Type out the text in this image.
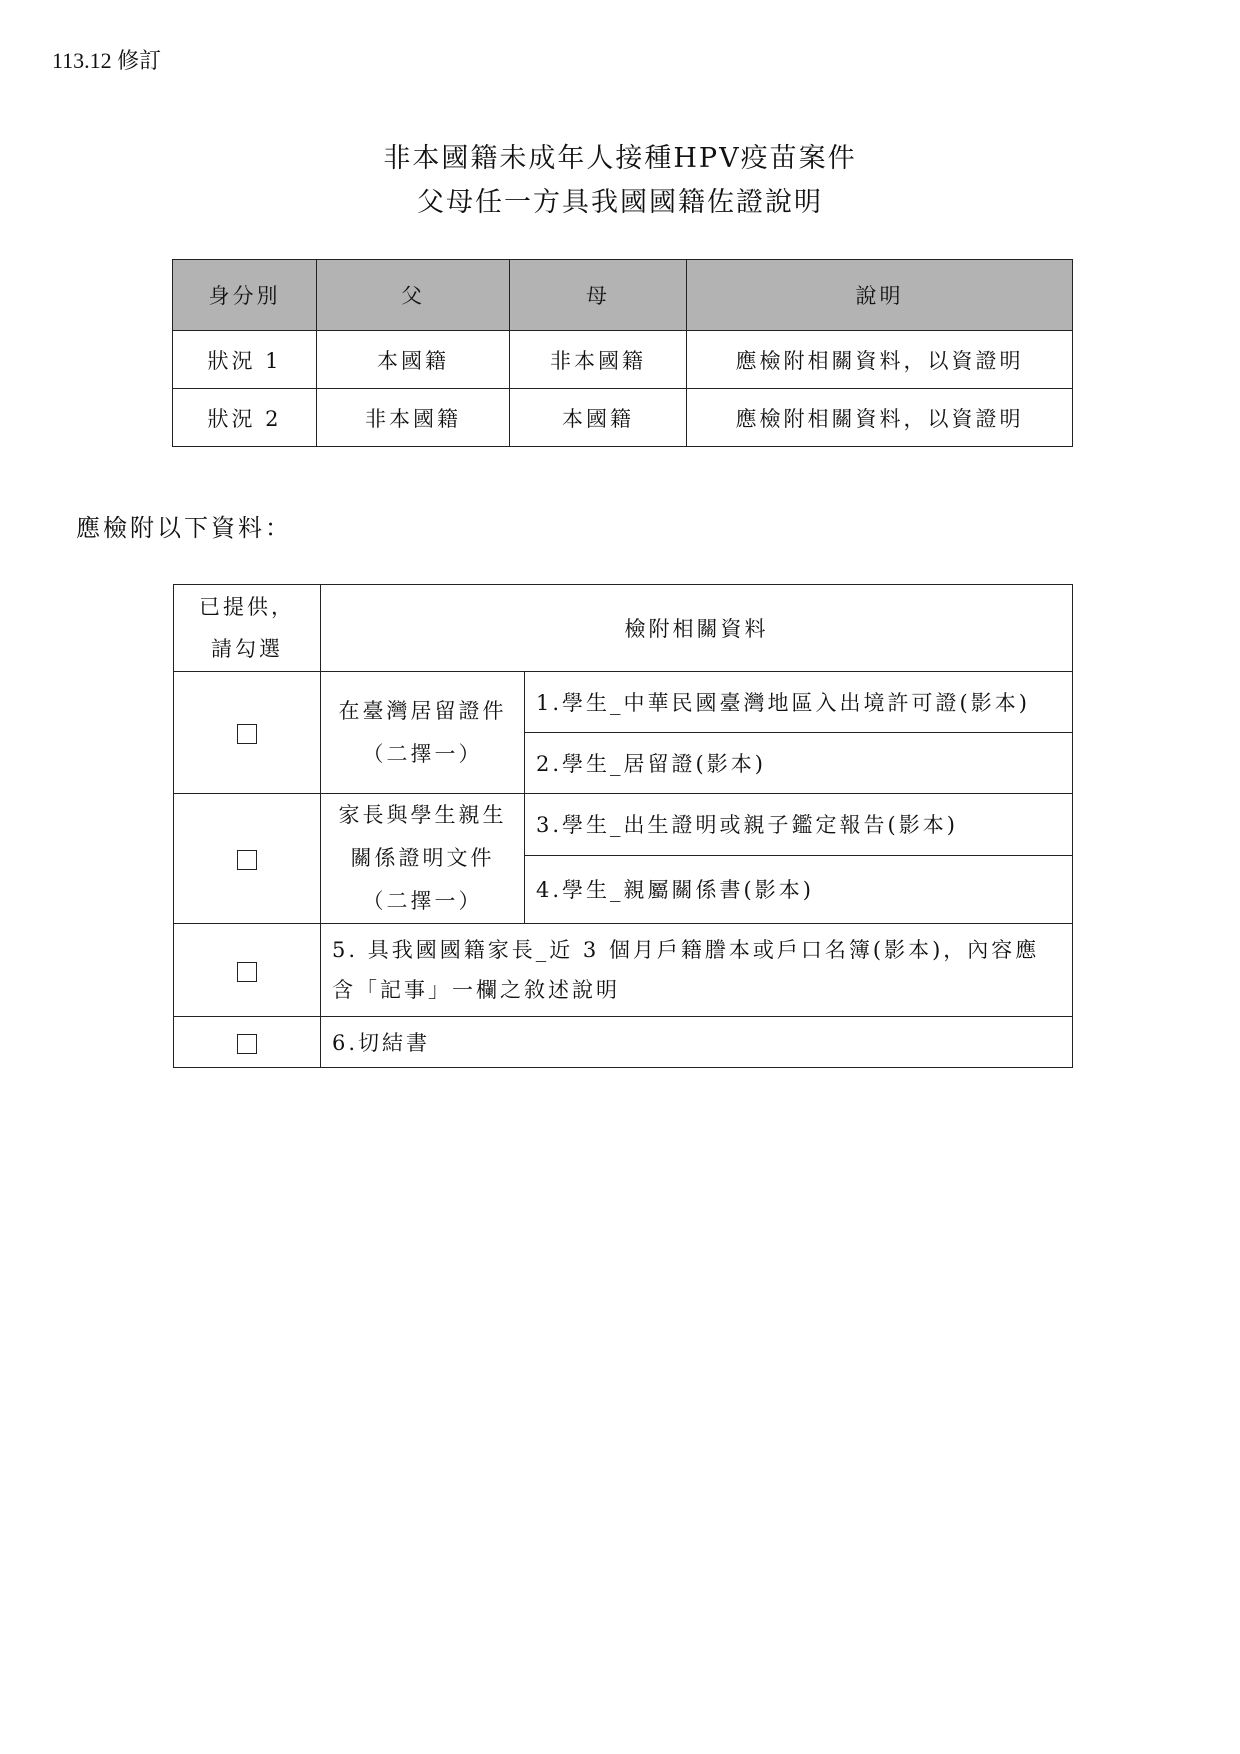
113.12 修訂
非本國籍未成年人接種HPV疫苗案件
父母任一方具我國國籍佐證說明
身分別	父	母	說明
狀況 1	本國籍	非本國籍	應檢附相關資料，以資證明
狀況 2	非本國籍	本國籍	應檢附相關資料，以資證明
應檢附以下資料：
已提供，
請勾選	檢附相關資料	

	在臺灣居留證件
（二擇一）	1.學生_中華民國臺灣地區入出境許可證(影本)
		2.學生_居留證(影本)

	家長與學生親生
關係證明文件
（二擇一）	3.學生_出生證明或親子鑑定報告(影本)
		4.學生_親屬關係書(影本)

	5. 具我國國籍家長_近 3 個月戶籍謄本或戶口名簿(影本)，內容應
含「記事」一欄之敘述說明	

	6.切結書	
